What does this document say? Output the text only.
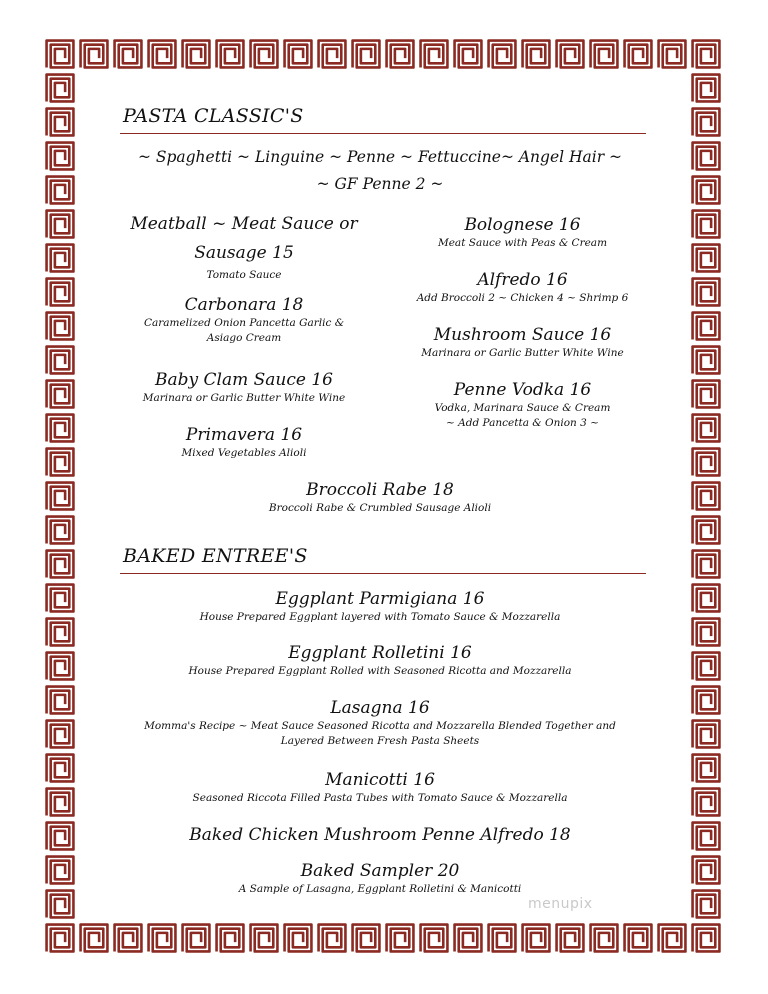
PASTA CLASSIC'S
~ Spaghetti ~ Linguine ~ Penne ~ Fettuccine~ Angel Hair ~
~ GF Penne 2 ~
Meatball ~ Meat Sauce or Sausage 15
Tomato Sauce
Carbonara 18
Caramelized Onion Pancetta Garlic & Asiago Cream
Baby Clam Sauce 16
Marinara or Garlic Butter White Wine
Primavera 16
Mixed Vegetables Alioli
Bolognese 16
Meat Sauce with Peas & Cream
Alfredo 16
Add Broccoli 2 ~ Chicken 4 ~ Shrimp 6
Mushroom Sauce 16
Marinara or Garlic Butter White Wine
Penne Vodka 16
Vodka, Marinara Sauce & Cream
~ Add Pancetta & Onion 3 ~
Broccoli Rabe 18
Broccoli Rabe & Crumbled Sausage Alioli
BAKED ENTREE'S
Eggplant Parmigiana 16
House Prepared Eggplant layered with Tomato Sauce & Mozzarella
Eggplant Rolletini 16
House Prepared Eggplant Rolled with Seasoned Ricotta and Mozzarella
Lasagna 16
Momma's Recipe ~ Meat Sauce Seasoned Ricotta and Mozzarella Blended Together and
Layered Between Fresh Pasta Sheets
Manicotti 16
Seasoned Riccota Filled Pasta Tubes with Tomato Sauce & Mozzarella
Baked Chicken Mushroom Penne Alfredo 18
Baked Sampler 20
A Sample of Lasagna, Eggplant Rolletini & Manicotti
menupix
